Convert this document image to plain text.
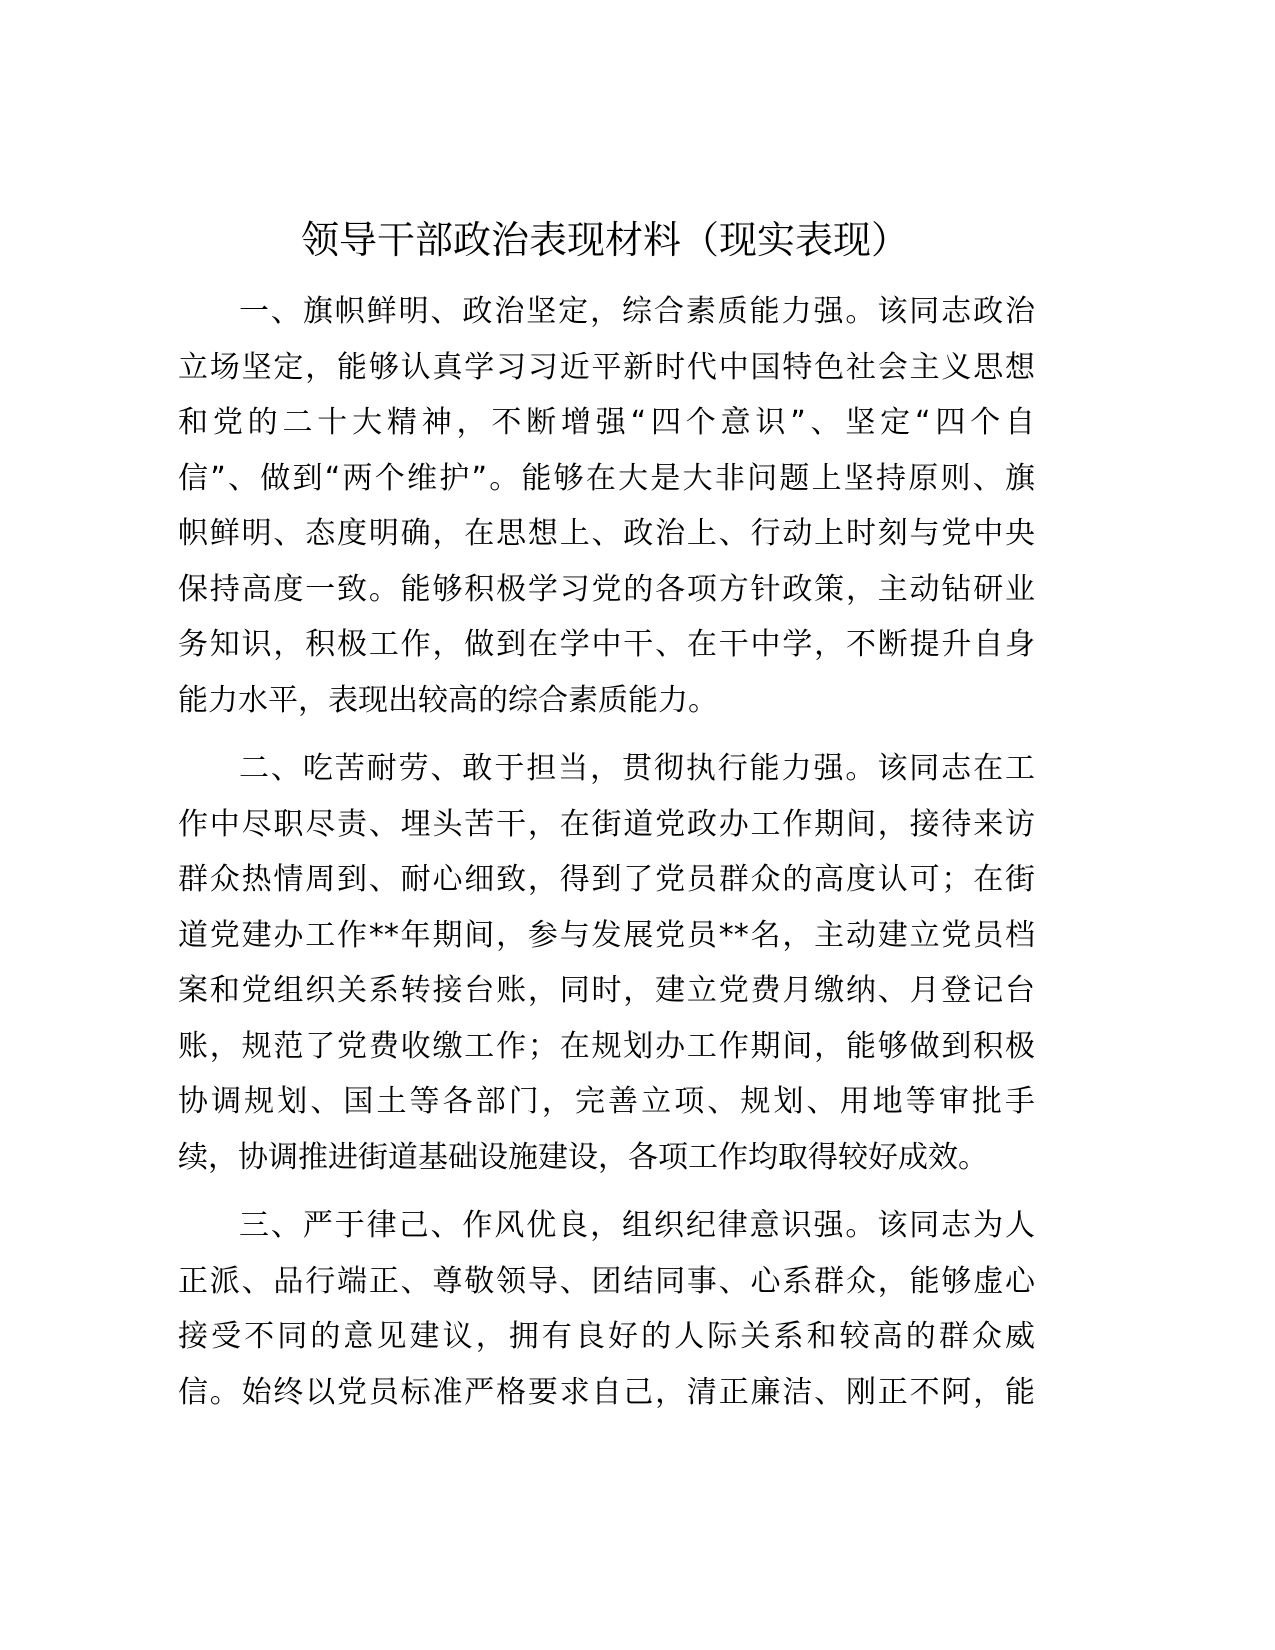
领导干部政治表现材料（现实表现）
一、旗帜鲜明、政治坚定，综合素质能力强。该同志政治
立场坚定，能够认真学习习近平新时代中国特色社会主义思想
和党的二十大精神，不断增强“四个意识”、坚定“四个自
信”、做到“两个维护”。能够在大是大非问题上坚持原则、旗
帜鲜明、态度明确，在思想上、政治上、行动上时刻与党中央
保持高度一致。能够积极学习党的各项方针政策，主动钻研业
务知识，积极工作，做到在学中干、在干中学，不断提升自身
能力水平，表现出较高的综合素质能力。
二、吃苦耐劳、敢于担当，贯彻执行能力强。该同志在工
作中尽职尽责、埋头苦干，在街道党政办工作期间，接待来访
群众热情周到、耐心细致，得到了党员群众的高度认可；在街
道党建办工作**年期间，参与发展党员**名，主动建立党员档
案和党组织关系转接台账，同时，建立党费月缴纳、月登记台
账，规范了党费收缴工作；在规划办工作期间，能够做到积极
协调规划、国土等各部门，完善立项、规划、用地等审批手
续，协调推进街道基础设施建设，各项工作均取得较好成效。
三、严于律己、作风优良，组织纪律意识强。该同志为人
正派、品行端正、尊敬领导、团结同事、心系群众，能够虚心
接受不同的意见建议，拥有良好的人际关系和较高的群众威
信。始终以党员标准严格要求自己，清正廉洁、刚正不阿，能
